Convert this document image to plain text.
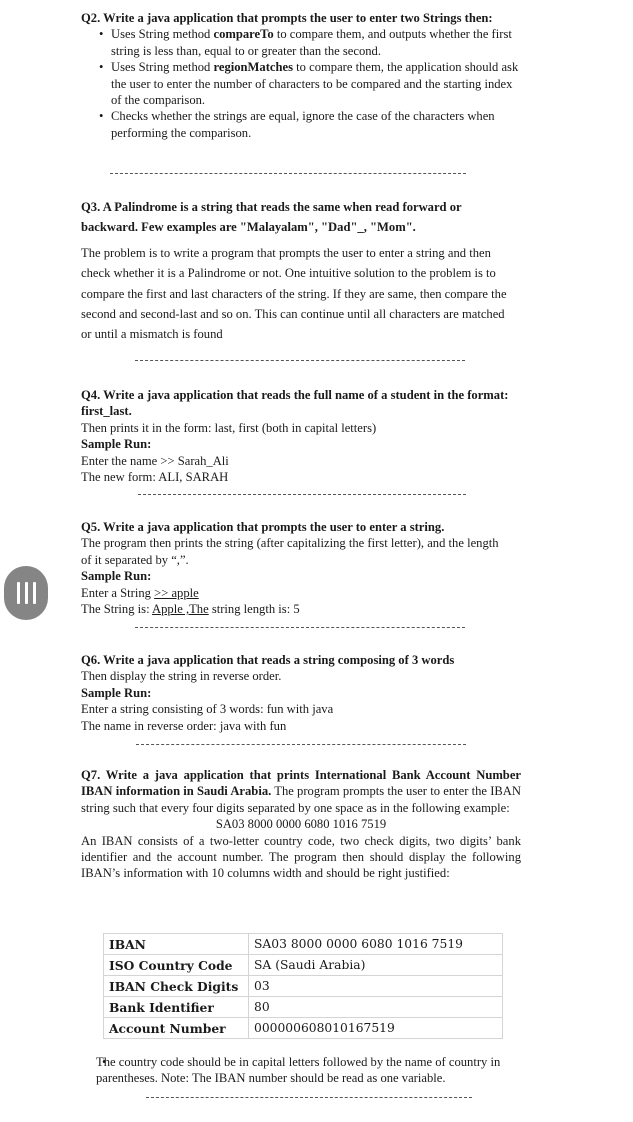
Q2. Write a java application that prompts the user to enter two Strings then:
• Uses String method compareTo to compare them, and outputs whether the first string is less than, equal to or greater than the second.
• Uses String method regionMatches to compare them, the application should ask the user to enter the number of characters to be compared and the starting index of the comparison.
• Checks whether the strings are equal, ignore the case of the characters when performing the comparison.
Q3. A Palindrome is a string that reads the same when read forward or backward. Few examples are "Malayalam", "Dad"_, "Mom".
The problem is to write a program that prompts the user to enter a string and then check whether it is a Palindrome or not. One intuitive solution to the problem is to compare the first and last characters of the string. If they are same, then compare the second and second-last and so on. This can continue until all characters are matched or until a mismatch is found
Q4. Write a java application that reads the full name of a student in the format: first_last.
Then prints it in the form: last, first (both in capital letters)
Sample Run:
Enter the name >> Sarah_Ali
The new form: ALI, SARAH
Q5. Write a java application that prompts the user to enter a string.
The program then prints the string (after capitalizing the first letter), and the length of it separated by “,”.
Sample Run:
Enter a String >> apple
The String is: Apple ,The string length is: 5
Q6. Write a java application that reads a string composing of 3 words
Then display the string in reverse order.
Sample Run:
Enter a string consisting of 3 words: fun with java
The name in reverse order: java with fun
Q7. Write a java application that prints International Bank Account Number IBAN information in Saudi Arabia. The program prompts the user to enter the IBAN string such that every four digits separated by one space as in the following example:
SA03 8000 0000 6080 1016 7519
An IBAN consists of a two-letter country code, two check digits, two digits’ bank identifier and the account number. The program then should display the following IBAN’s information with 10 columns width and should be right justified:
IBAN	SA03 8000 0000 6080 1016 7519
ISO Country Code	SA (Saudi Arabia)
IBAN Check Digits	03
Bank Identifier	80
Account Number	000000608010167519
• The country code should be in capital letters followed by the name of country in parentheses. Note: The IBAN number should be read as one variable.
